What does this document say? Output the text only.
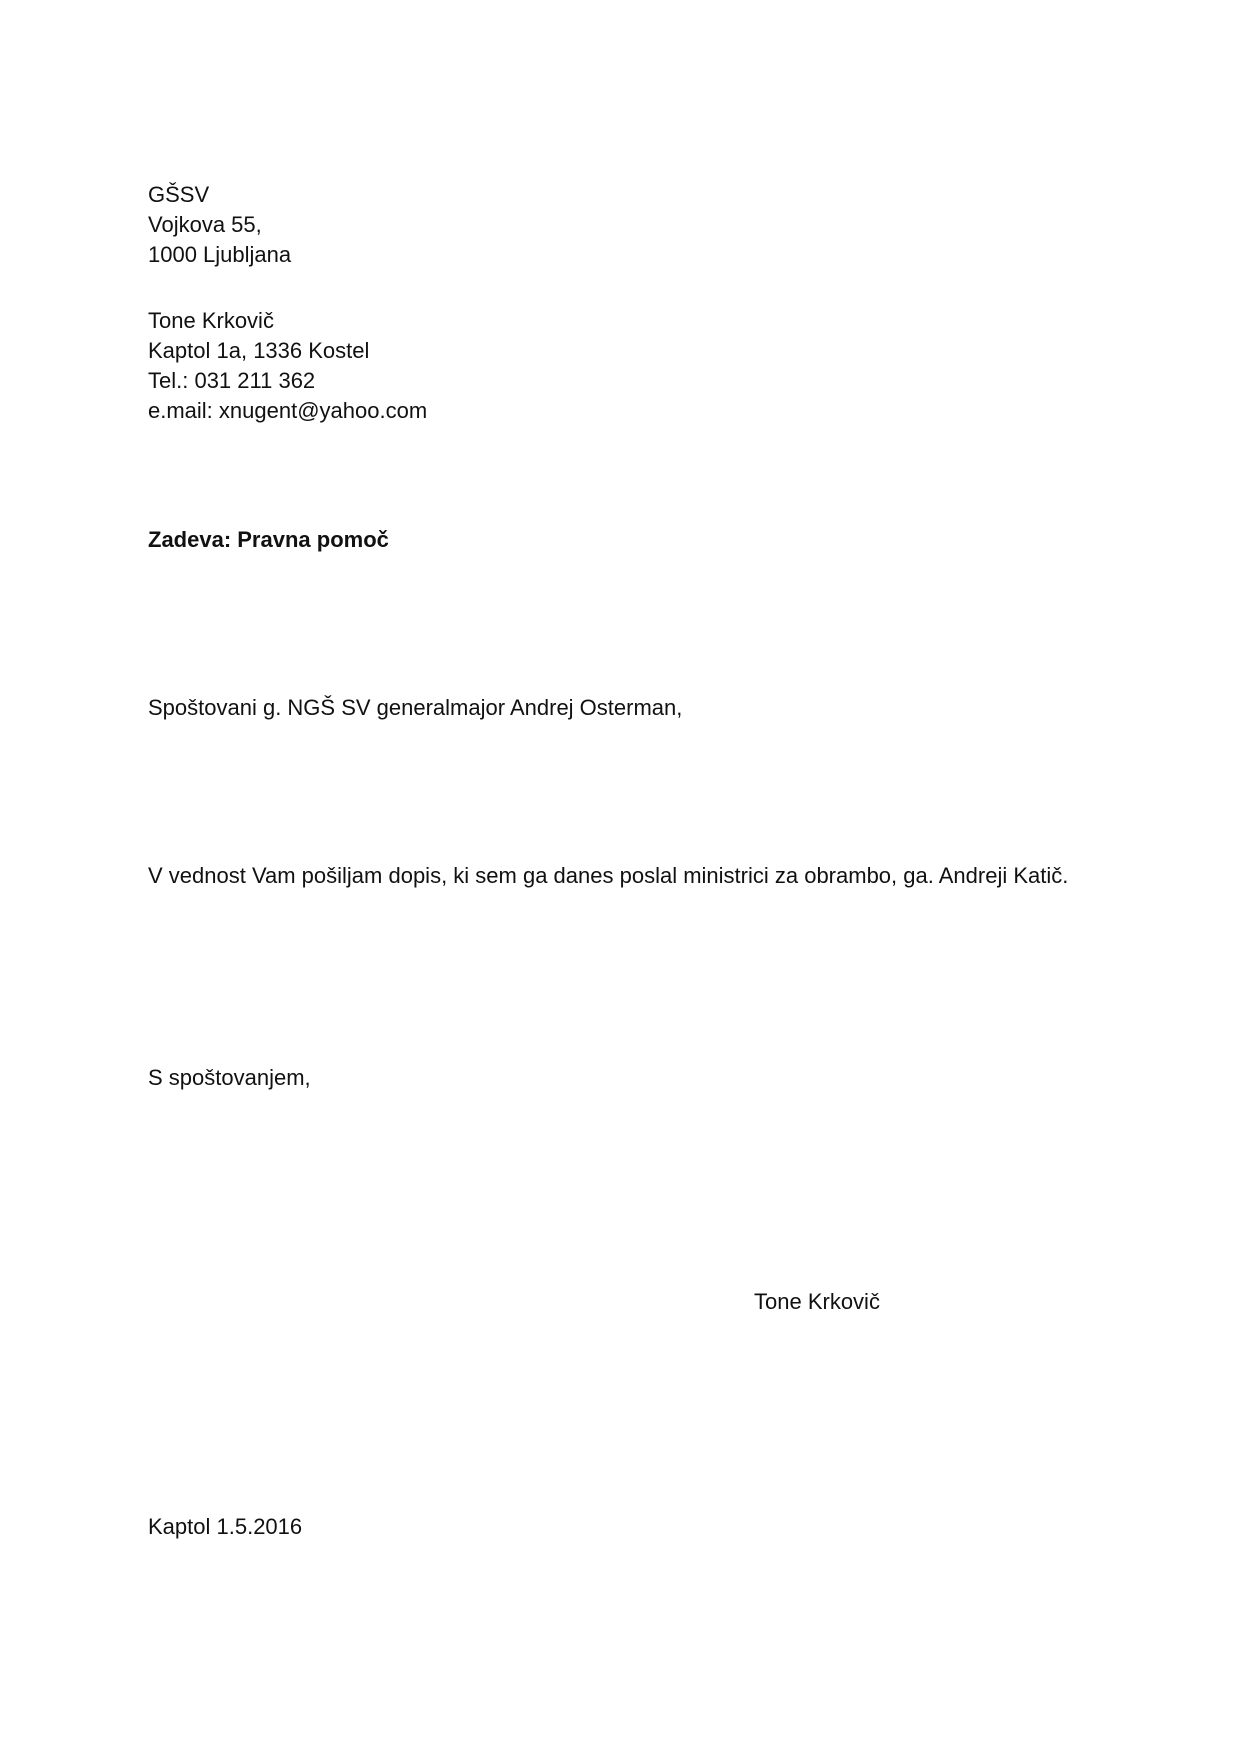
GŠSV
Vojkova 55,
1000 Ljubljana
Tone Krkovič
Kaptol 1a, 1336 Kostel
Tel.: 031 211 362
e.mail: xnugent@yahoo.com
Zadeva: Pravna pomoč
Spoštovani g. NGŠ SV generalmajor Andrej Osterman,
V vednost Vam pošiljam dopis, ki sem ga danes poslal ministrici za obrambo, ga. Andreji Katič.
S spoštovanjem,
Tone Krkovič
Kaptol 1.5.2016
